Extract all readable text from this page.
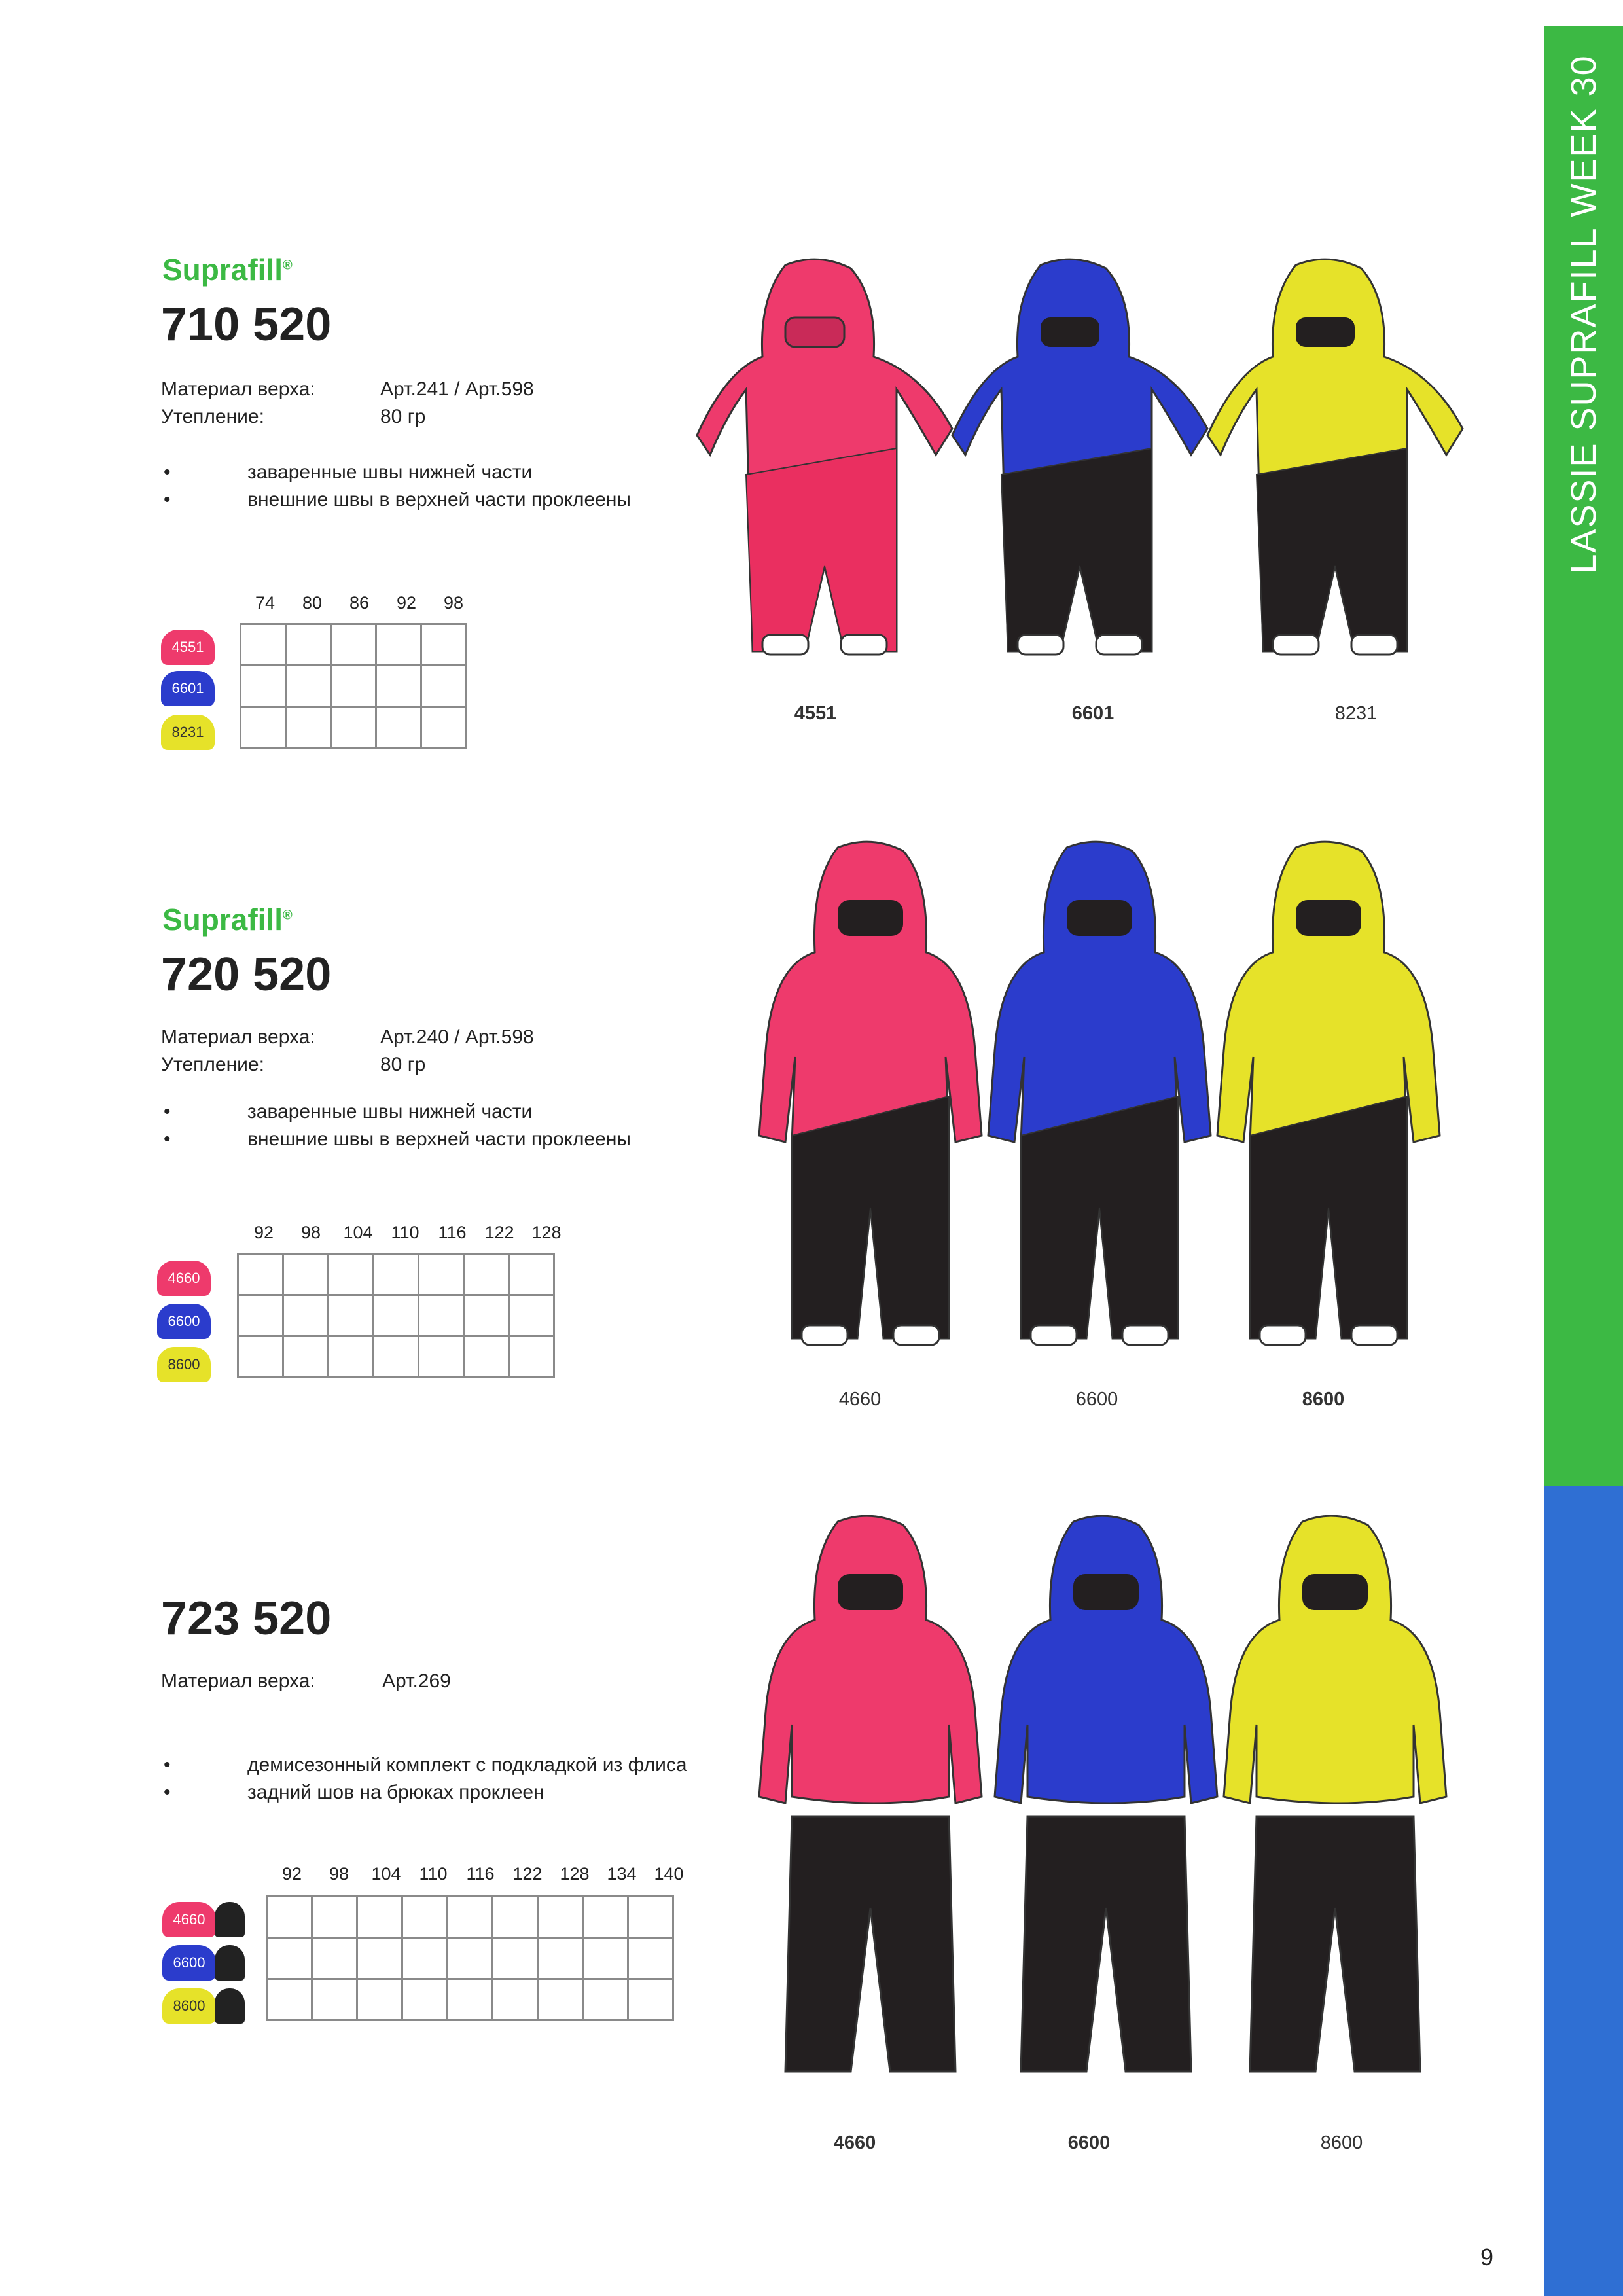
LASSIE SUPRAFILL WEEK 30
Suprafill®
710 520
Материал верха:	Арт.241 / Арт.598
Утепление:	80 гр
•	заваренные швы нижней части
•	внешние швы в верхней части проклеены
74	80	86	92	98

4551
6601
8231
4551	6601	8231
Suprafill®
720 520
Материал верха:	Арт.240 / Арт.598
Утепление:	80 гр
•	заваренные швы нижней части
•	внешние швы в верхней части проклеены
92	98	104	110	116	122 128

4660
6600
8600
4660	6600	8600
723 520
Материал верха:	Арт.269
•	демисезонный комплект с подкладкой из флиса
•	задний шов на брюках проклеен
92	98	104	110	116	122 128 134 140

4660
6600
8600
4660	6600	8600
9
